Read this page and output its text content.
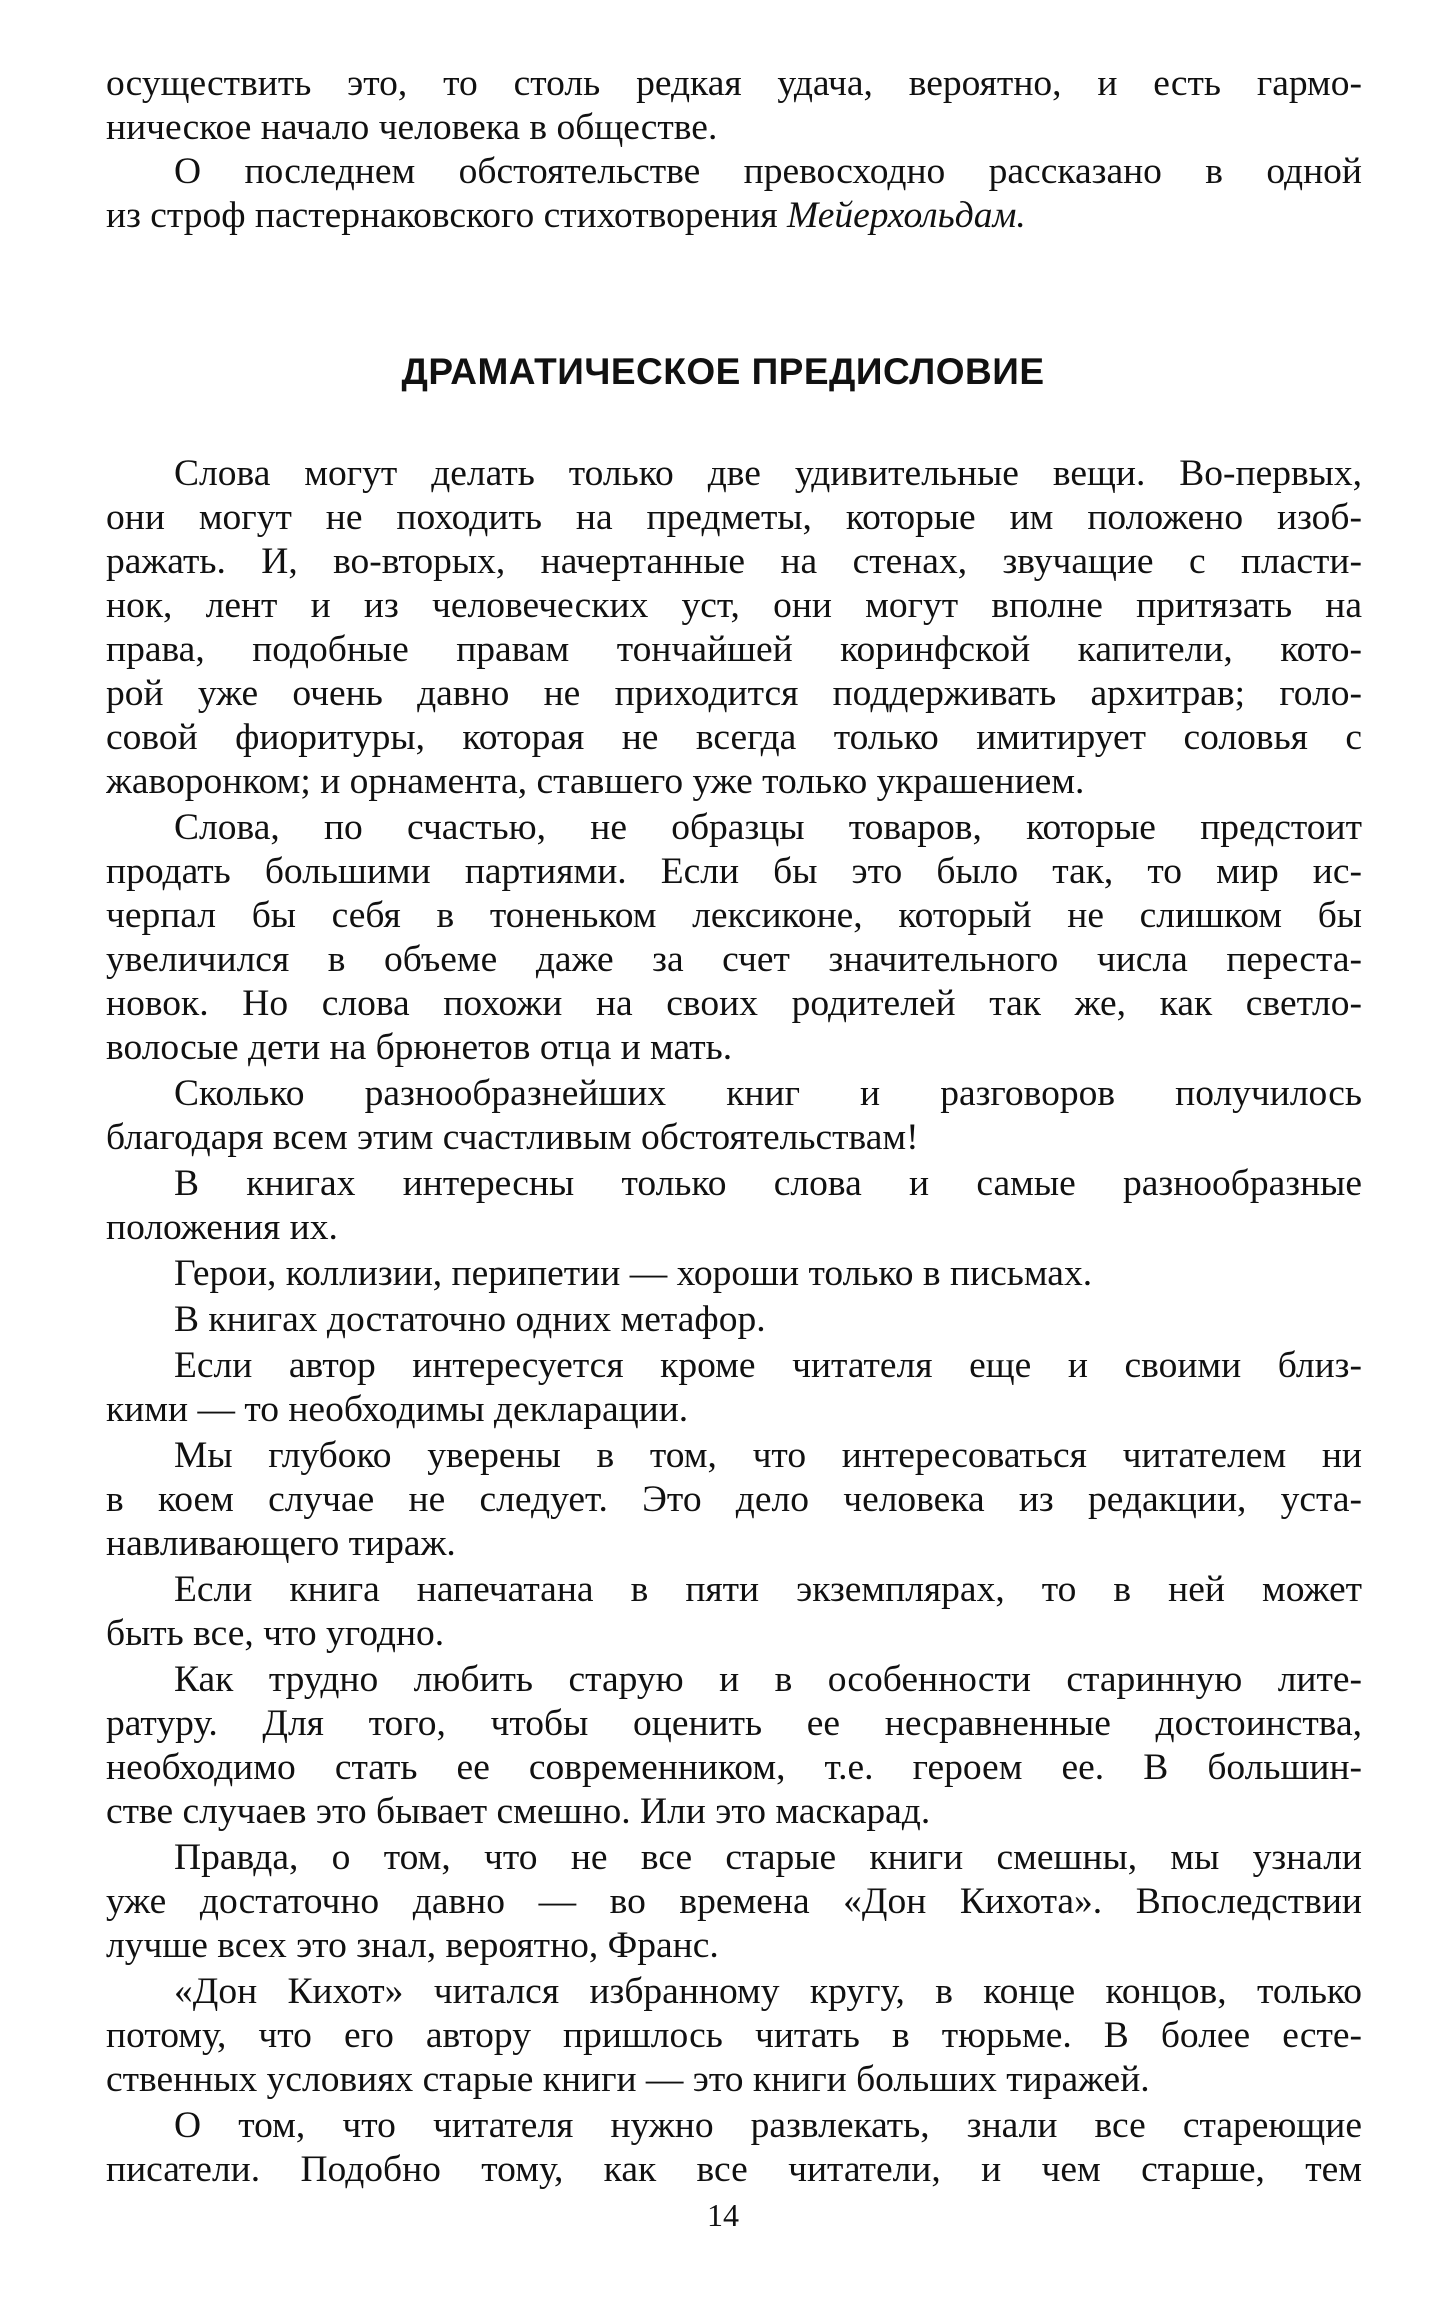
осуществить это, то столь редкая удача, вероятно, и есть гармо-
ническое начало человека в обществе.
О последнем обстоятельстве превосходно рассказано в одной
из строф пастернаковского стихотворения Мейерхольдам.
ДРАМАТИЧЕСКОЕ ПРЕДИСЛОВИЕ
Слова могут делать только две удивительные вещи. Во-первых,
они могут не походить на предметы, которые им положено изоб-
ражать. И, во-вторых, начертанные на стенах, звучащие с пласти-
нок, лент и из человеческих уст, они могут вполне притязать на
права, подобные правам тончайшей коринфской капители, кото-
рой уже очень давно не приходится поддерживать архитрав; голо-
совой фиоритуры, которая не всегда только имитирует соловья с
жаворонком; и орнамента, ставшего уже только украшением.
Слова, по счастью, не образцы товаров, которые предстоит
продать большими партиями. Если бы это было так, то мир ис-
черпал бы себя в тоненьком лексиконе, который не слишком бы
увеличился в объеме даже за счет значительного числа переста-
новок. Но слова похожи на своих родителей так же, как светло-
волосые дети на брюнетов отца и мать.
Сколько разнообразнейших книг и разговоров получилось
благодаря всем этим счастливым обстоятельствам!
В книгах интересны только слова и самые разнообразные
положения их.
Герои, коллизии, перипетии — хороши только в письмах.
В книгах достаточно одних метафор.
Если автор интересуется кроме читателя еще и своими близ-
кими — то необходимы декларации.
Мы глубоко уверены в том, что интересоваться читателем ни
в коем случае не следует. Это дело человека из редакции, уста-
навливающего тираж.
Если книга напечатана в пяти экземплярах, то в ней может
быть все, что угодно.
Как трудно любить старую и в особенности старинную лите-
ратуру. Для того, чтобы оценить ее несравненные достоинства,
необходимо стать ее современником, т.е. героем ее. В большин-
стве случаев это бывает смешно. Или это маскарад.
Правда, о том, что не все старые книги смешны, мы узнали
уже достаточно давно — во времена «Дон Кихота». Впоследствии
лучше всех это знал, вероятно, Франс.
«Дон Кихот» читался избранному кругу, в конце концов, только
потому, что его автору пришлось читать в тюрьме. В более есте-
ственных условиях старые книги — это книги больших тиражей.
О том, что читателя нужно развлекать, знали все стареющие
писатели. Подобно тому, как все читатели, и чем старше, тем
14
